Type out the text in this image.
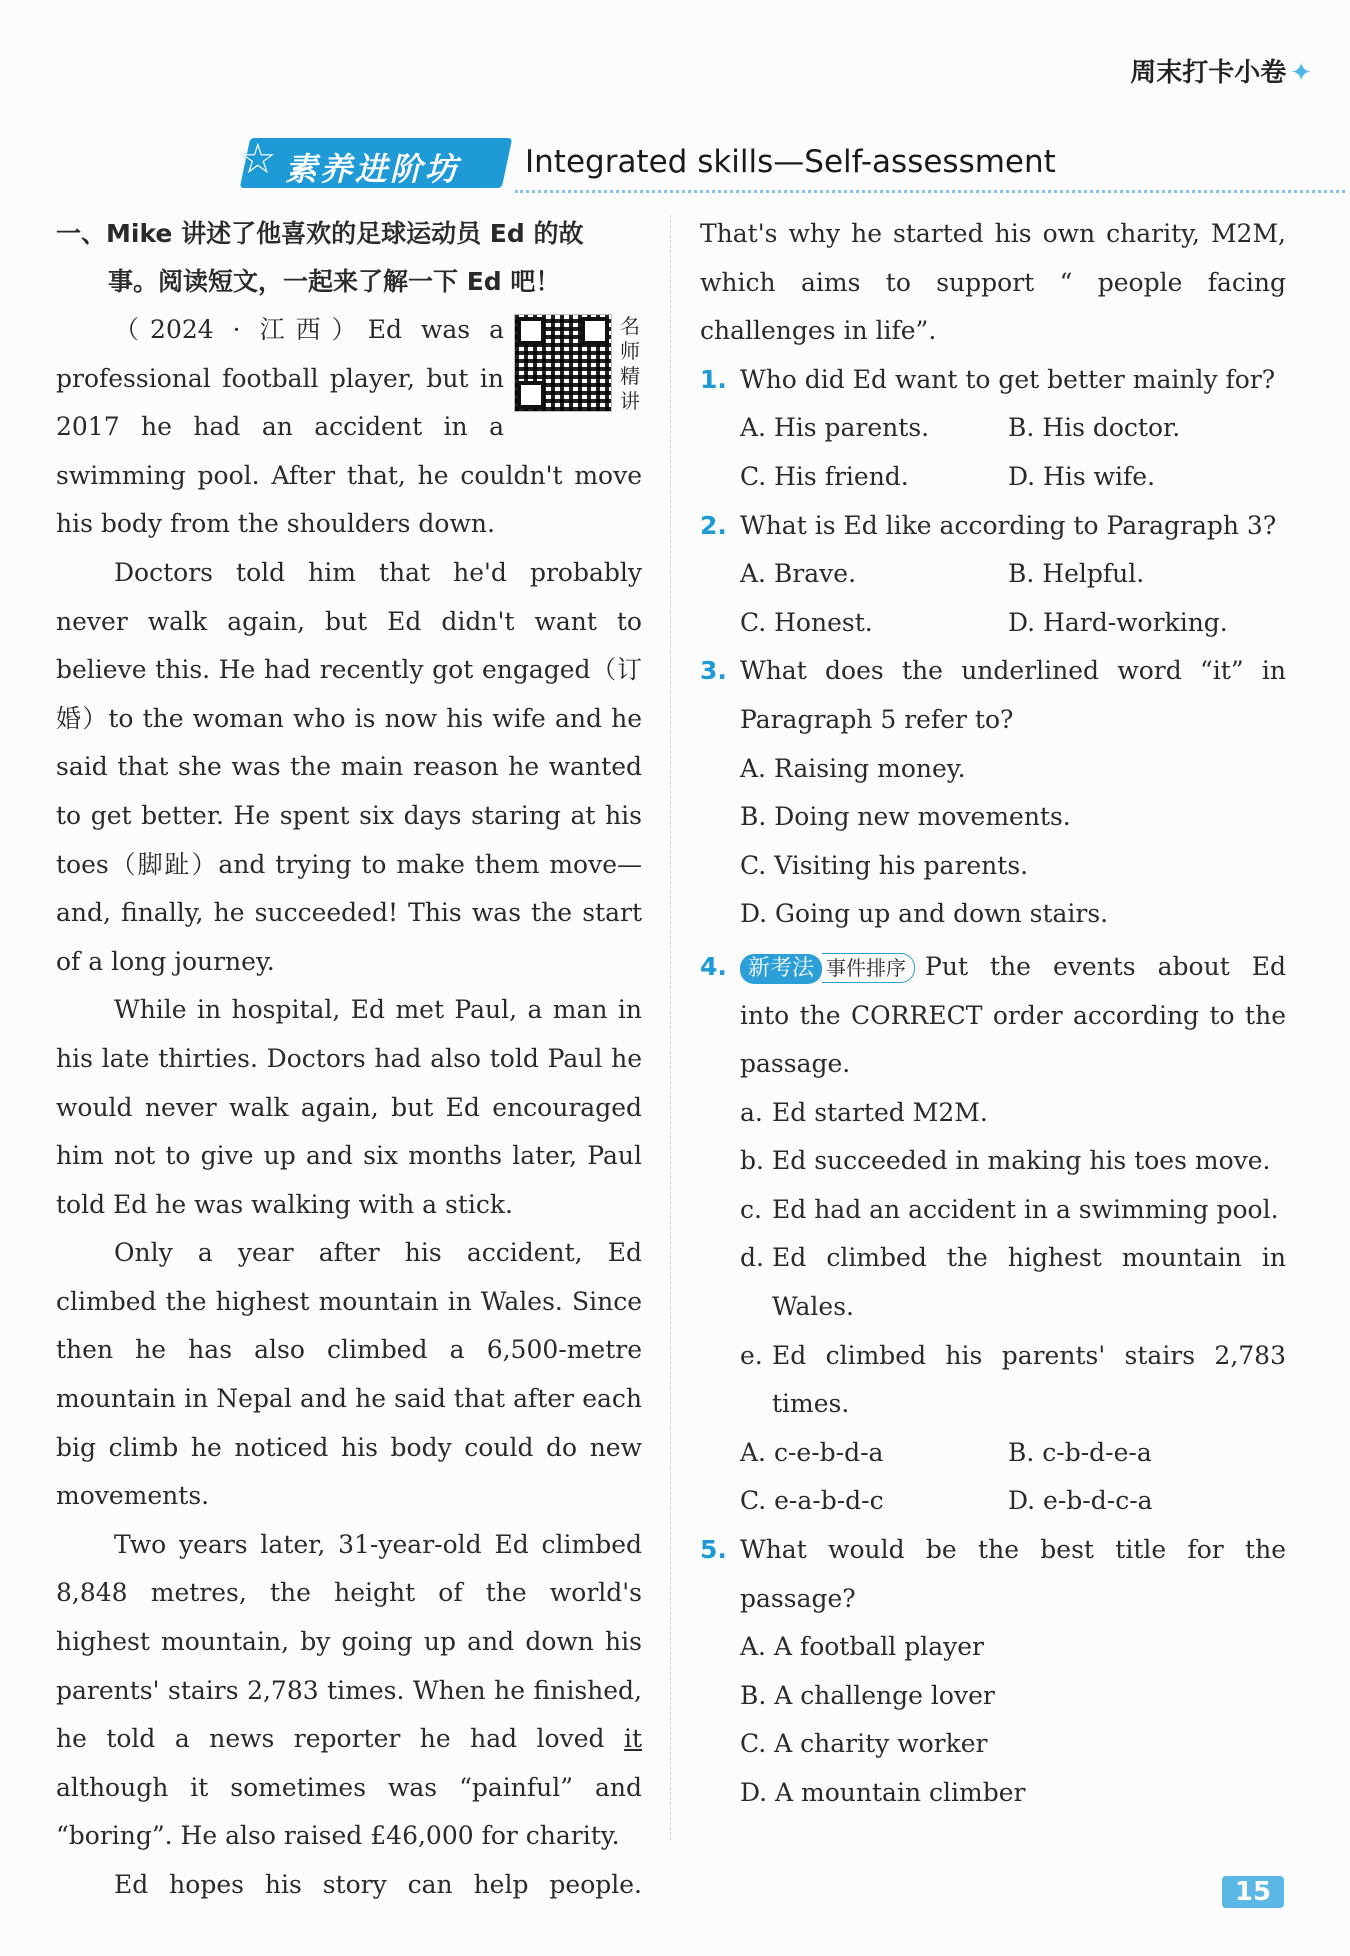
周末打卡小卷 ✦
☆ 素养进阶坊	Integrated skills—Self-assessment
一、Mike 讲述了他喜欢的足球运动员 Ed 的故
事。阅读短文，一起来了解一下 Ed 吧！
名
师
精
讲

（2024 · 江西）Ed was a professional football player, but in 2017 he had an accident in a swimming pool. After that, he couldn't move his body from the shoulders down.

Doctors told him that he'd probably never walk again, but Ed didn't want to believe this. He had recently got engaged（订婚）to the woman who is now his wife and he said that she was the main reason he wanted to get better. He spent six days staring at his toes（脚趾）and trying to make them move—and, finally, he succeeded! This was the start of a long journey.

While in hospital, Ed met Paul, a man in his late thirties. Doctors had also told Paul he would never walk again, but Ed encouraged him not to give up and six months later, Paul told Ed he was walking with a stick.

Only a year after his accident, Ed climbed the highest mountain in Wales. Since then he has also climbed a 6,500-metre mountain in Nepal and he said that after each big climb he noticed his body could do new movements.

Two years later, 31-year-old Ed climbed 8,848 metres, the height of the world's highest mountain, by going up and down his parents' stairs 2,783 times. When he finished, he told a news reporter he had loved it although it sometimes was “painful” and “boring”. He also raised £46,000 for charity.

Ed hopes his story can help people.

That's why he started his own charity, M2M, which aims to support “ people facing challenges in life”.
1. Who did Ed want to get better mainly for?
A. His parents.	B. His doctor.
C. His friend.	D. His wife.
2. What is Ed like according to Paragraph 3?
A. Brave.	B. Helpful.
C. Honest.	D. Hard-working.
3. What does the underlined word “it” in Paragraph 5 refer to?
A. Raising money.
B. Doing new movements.
C. Visiting his parents.
D. Going up and down stairs.
4. 新考法 事件排序 Put the events about Ed into the CORRECT order according to the passage.
a. Ed started M2M.
b. Ed succeeded in making his toes move.
c. Ed had an accident in a swimming pool.
d. Ed climbed the highest mountain in Wales.
e. Ed climbed his parents' stairs 2,783 times.
A. c-e-b-d-a	B. c-b-d-e-a
C. e-a-b-d-c	D. e-b-d-c-a
5. What would be the best title for the passage?
A. A football player
B. A challenge lover
C. A charity worker
D. A mountain climber
15
